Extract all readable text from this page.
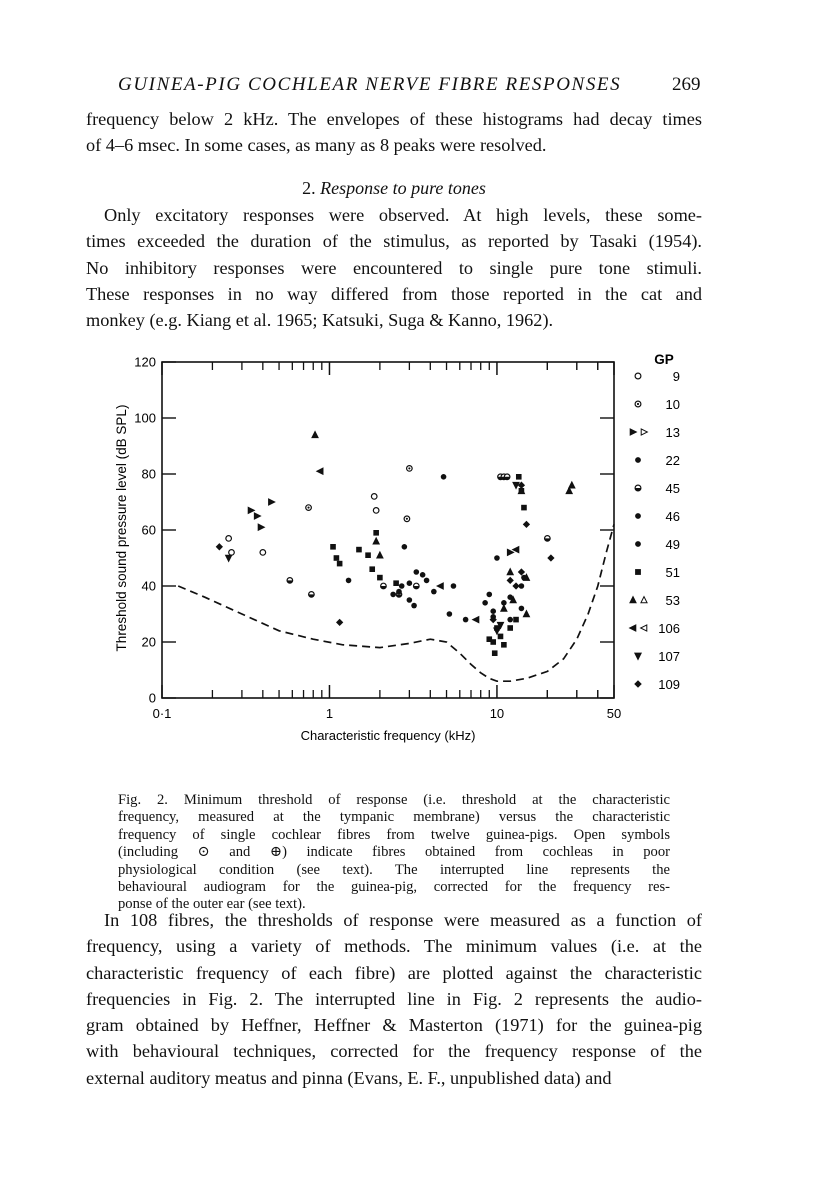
GUINEA-PIG COCHLEAR NERVE FIBRE RESPONSES	269

frequency below 2 kHz. The envelopes of these histograms had decay times
of 4–6 msec. In some cases, as many as 8 peaks were resolved.

2. Response to pure tones

Only excitatory responses were observed. At high levels, these some-
times exceeded the duration of the stimulus, as reported by Tasaki (1954).
No inhibitory responses were encountered to single pure tone stimuli.
These responses in no way differed from those reported in the cat and
monkey (e.g. Kiang et al. 1965; Katsuki, Suga & Kanno, 1962).

0·1	1	10	50
0
20
40
60
80
100
120	GP
9
10
13
22
45
46
49
51
53
106
107
109
Characteristic frequency (kHz)
Threshold sound pressure level (dB SPL)

Fig. 2. Minimum threshold of response (i.e. threshold at the characteristic
frequency, measured at the tympanic membrane) versus the characteristic
frequency of single cochlear fibres from twelve guinea-pigs. Open symbols
(including ⊙ and ⊕) indicate fibres obtained from cochleas in poor
physiological condition (see text). The interrupted line represents the
behavioural audiogram for the guinea-pig, corrected for the frequency res-
ponse of the outer ear (see text).

In 108 fibres, the thresholds of response were measured as a function of
frequency, using a variety of methods. The minimum values (i.e. at the
characteristic frequency of each fibre) are plotted against the characteristic
frequencies in Fig. 2. The interrupted line in Fig. 2 represents the audio-
gram obtained by Heffner, Heffner & Masterton (1971) for the guinea-pig
with behavioural techniques, corrected for the frequency response of the
external auditory meatus and pinna (Evans, E. F., unpublished data) and
